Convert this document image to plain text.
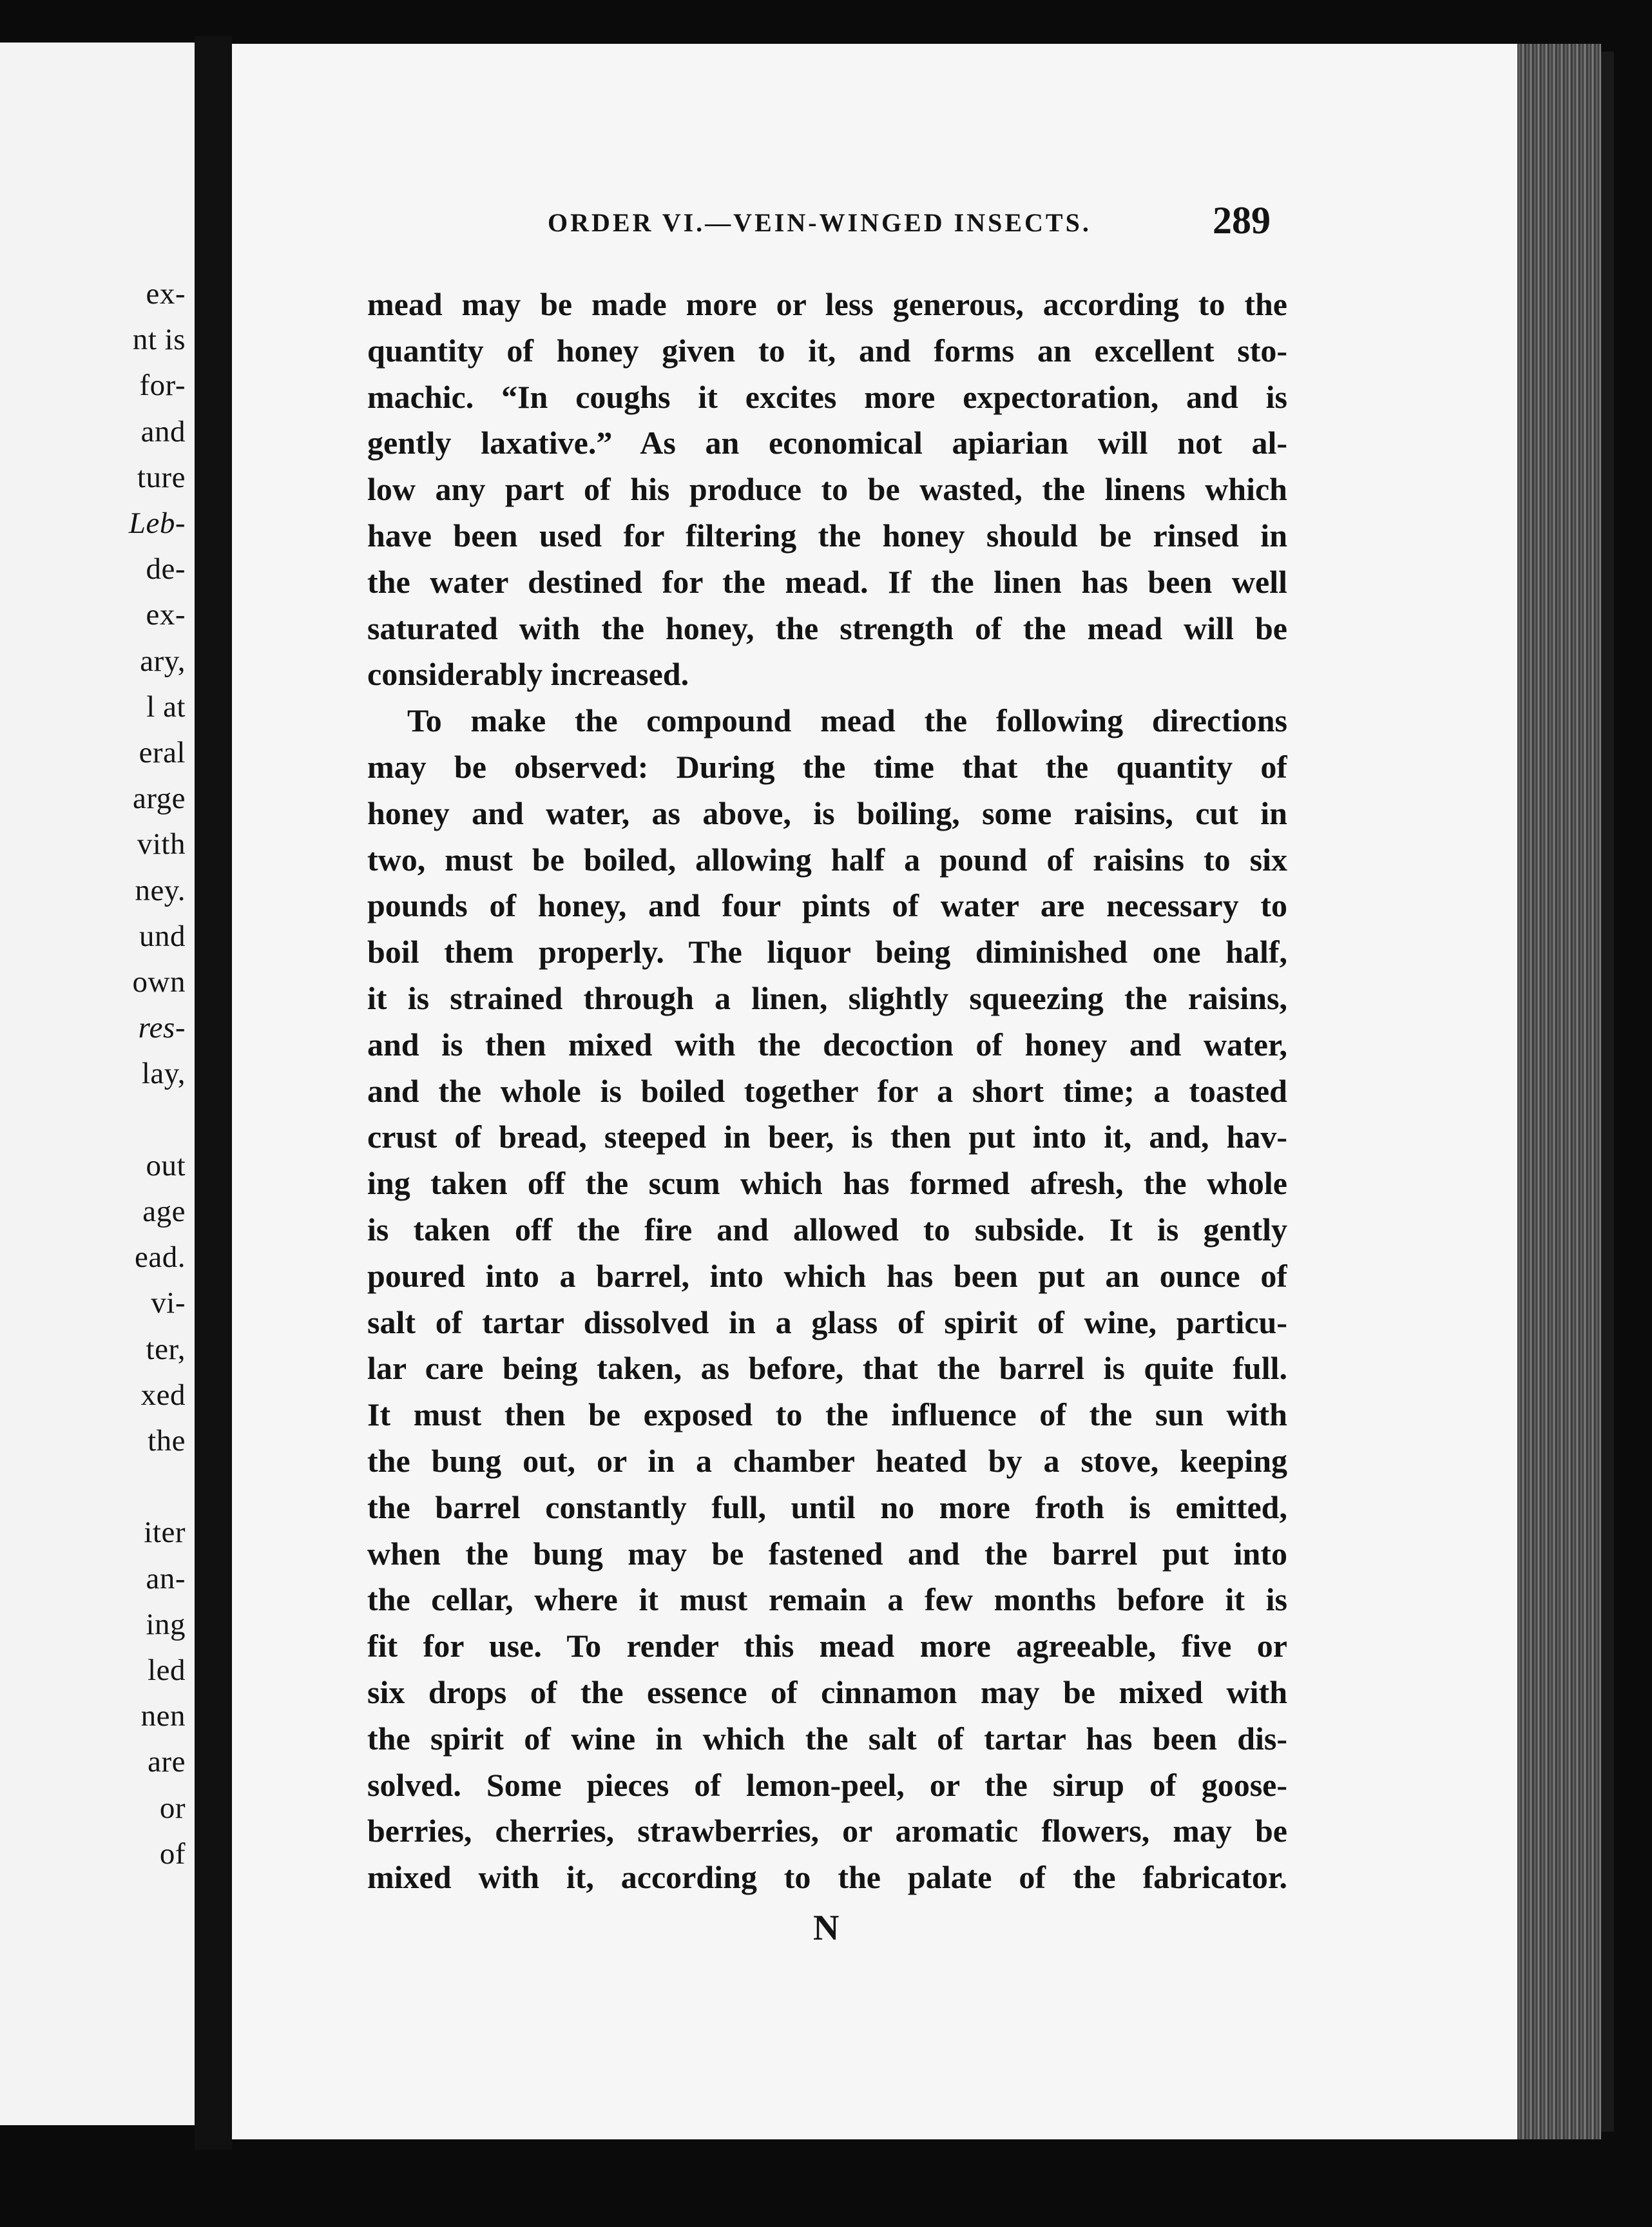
ex-
nt is
for-
and
ture
Leb-
de-
ex-
ary,
l at
eral
arge
vith
ney.
und
own
res-
lay,
out
age
ead.
vi-
ter,
xed
the
iter
an-
ing
led
nen
are
or
of
ORDER VI.—VEIN-WINGED INSECTS.	289
mead may be made more or less generous, according to the
quantity of honey given to it, and forms an excellent sto-
machic. “In coughs it excites more expectoration, and is
gently laxative.” As an economical apiarian will not al-
low any part of his produce to be wasted, the linens which
have been used for filtering the honey should be rinsed in
the water destined for the mead. If the linen has been well
saturated with the honey, the strength of the mead will be
considerably increased.
To make the compound mead the following directions
may be observed: During the time that the quantity of
honey and water, as above, is boiling, some raisins, cut in
two, must be boiled, allowing half a pound of raisins to six
pounds of honey, and four pints of water are necessary to
boil them properly. The liquor being diminished one half,
it is strained through a linen, slightly squeezing the raisins,
and is then mixed with the decoction of honey and water,
and the whole is boiled together for a short time; a toasted
crust of bread, steeped in beer, is then put into it, and, hav-
ing taken off the scum which has formed afresh, the whole
is taken off the fire and allowed to subside. It is gently
poured into a barrel, into which has been put an ounce of
salt of tartar dissolved in a glass of spirit of wine, particu-
lar care being taken, as before, that the barrel is quite full.
It must then be exposed to the influence of the sun with
the bung out, or in a chamber heated by a stove, keeping
the barrel constantly full, until no more froth is emitted,
when the bung may be fastened and the barrel put into
the cellar, where it must remain a few months before it is
fit for use. To render this mead more agreeable, five or
six drops of the essence of cinnamon may be mixed with
the spirit of wine in which the salt of tartar has been dis-
solved. Some pieces of lemon-peel, or the sirup of goose-
berries, cherries, strawberries, or aromatic flowers, may be
mixed with it, according to the palate of the fabricator.
N
